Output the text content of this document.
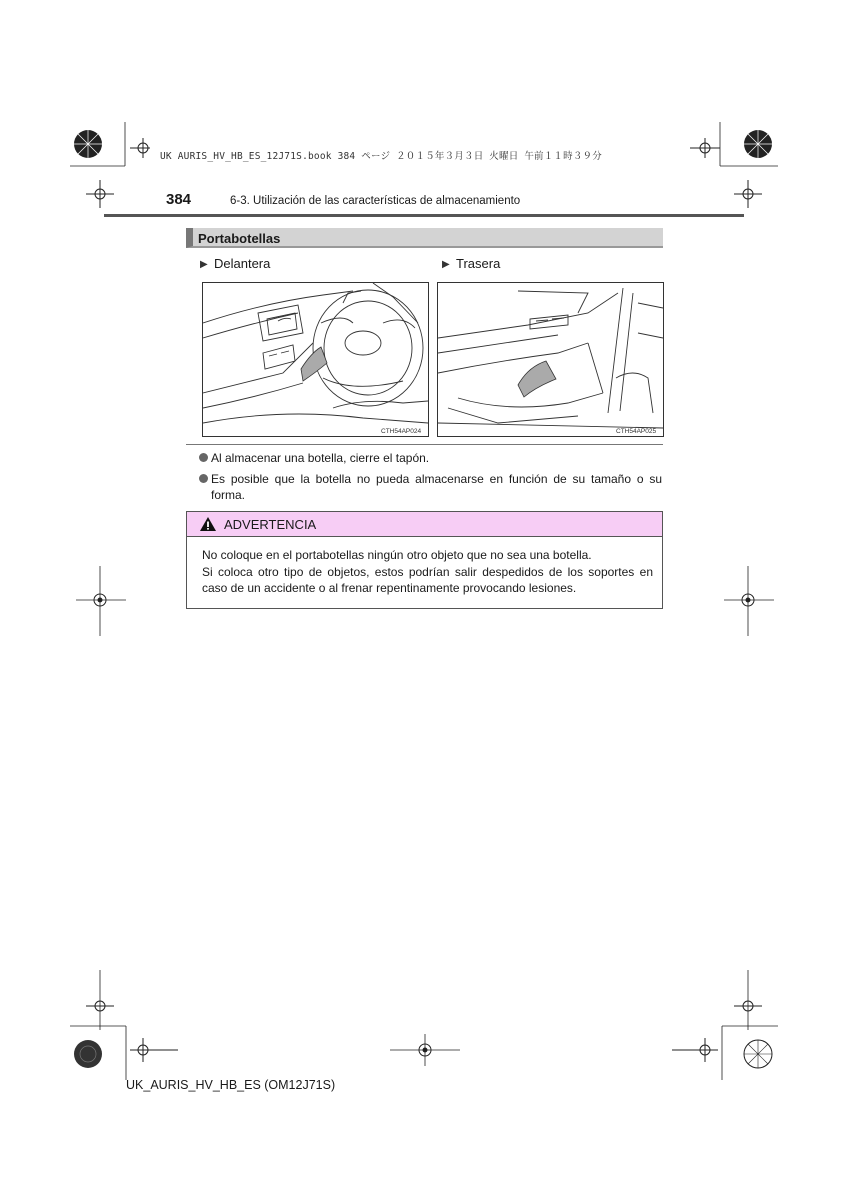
UK AURIS_HV_HB_ES_12J71S.book 384 ページ ２０１５年３月３日 火曜日 午前１１時３９分
384	6-3. Utilización de las características de almacenamiento
Portabotellas
▶ Delantera	▶ Trasera
CTH54AP024	CTH54AP025
Al almacenar una botella, cierre el tapón.
Es posible que la botella no pueda almacenarse en función de su tamaño o su forma.
ADVERTENCIA
No coloque en el portabotellas ningún otro objeto que no sea una botella.
Si coloca otro tipo de objetos, estos podrían salir despedidos de los soportes en caso de un accidente o al frenar repentinamente provocando lesiones.
UK_AURIS_HV_HB_ES (OM12J71S)
